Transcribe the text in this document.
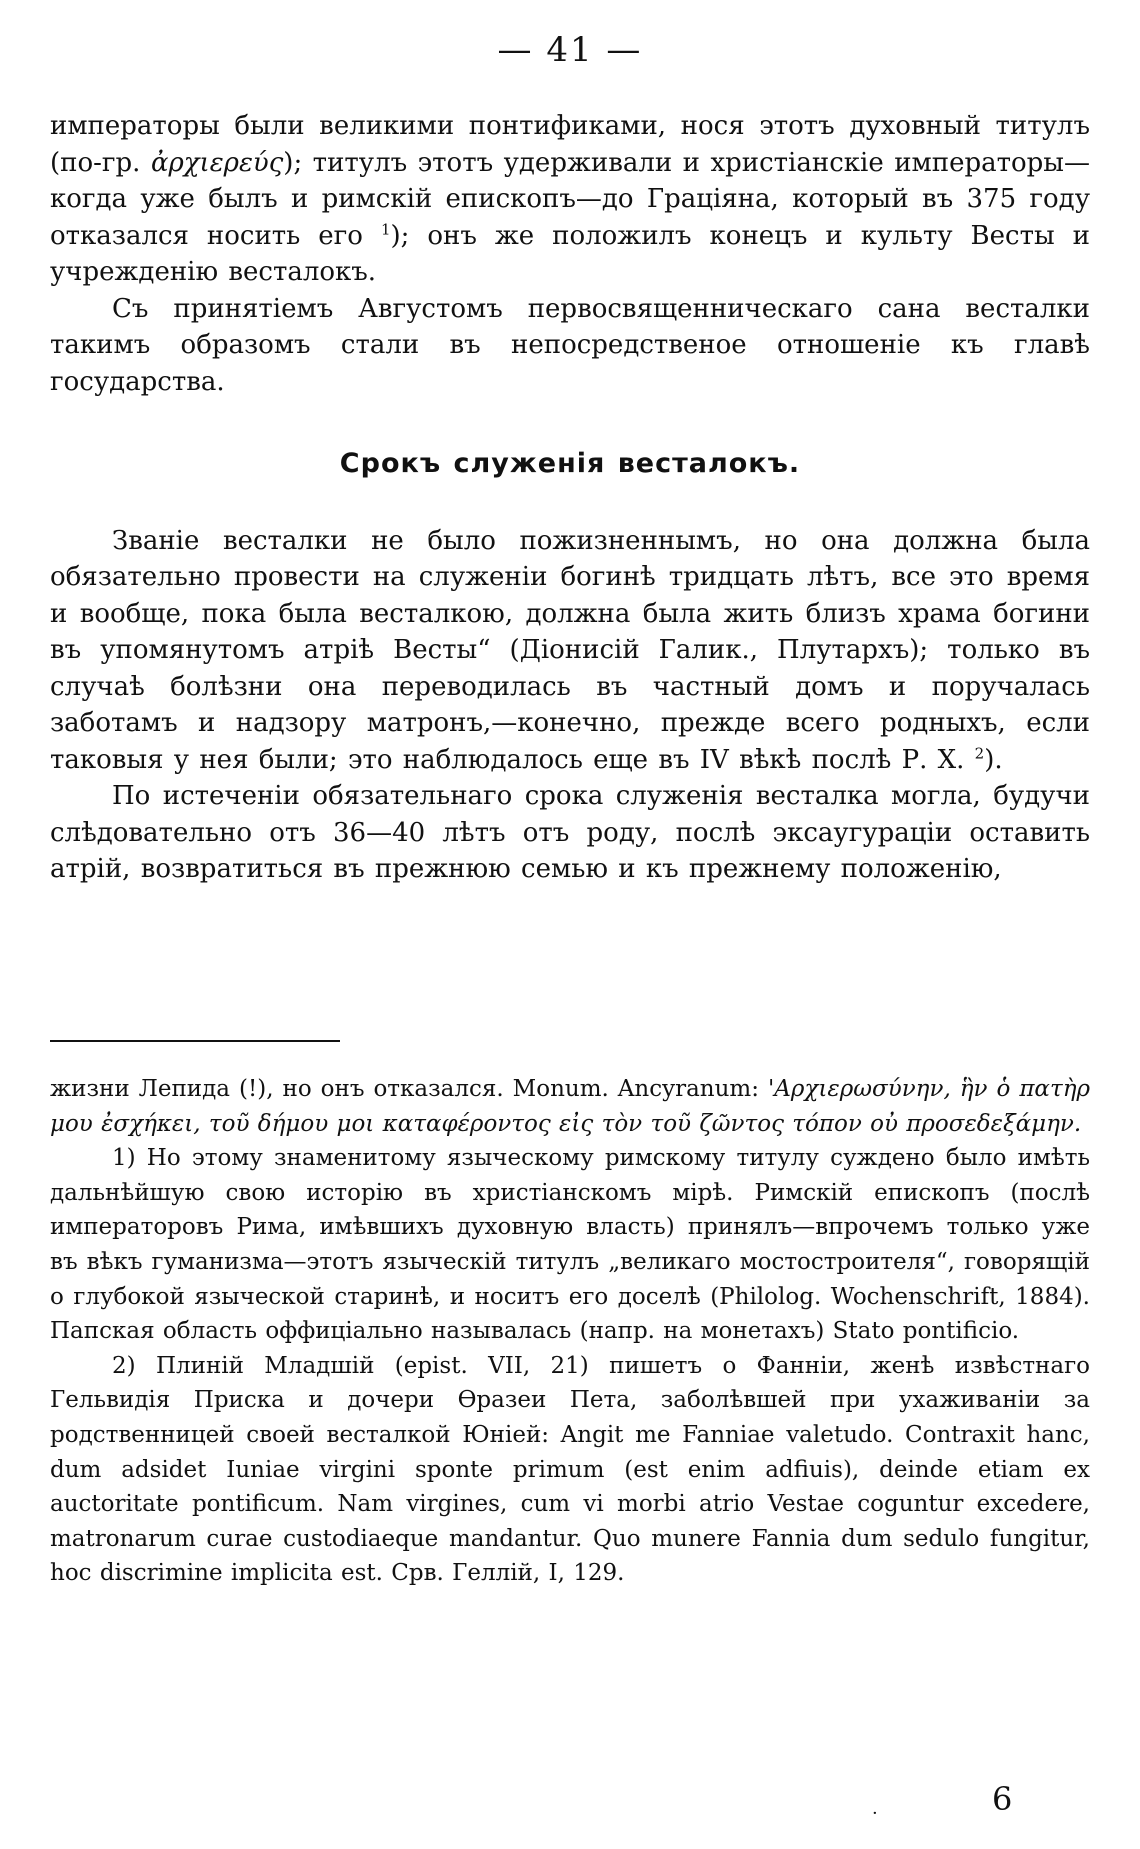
— 41 —

императоры были великими понтификами, нося этотъ духовный титулъ (по-гр. ἀρχιερεύς); титулъ этотъ удерживали и христіанскіе императоры—когда уже былъ и римскій епископъ—до Граціяна, который въ 375 году отказался носить его $^1$); онъ же положилъ конецъ и культу Весты и учрежденію весталокъ.

Съ принятіемъ Августомъ первосвященническаго сана весталки такимъ образомъ стали въ непосредственое отношеніе къ главѣ государства.

Срокъ служенія весталокъ.

Званіе весталки не было пожизненнымъ, но она должна была обязательно провести на служеніи богинѣ тридцать лѣтъ, все это время и вообще, пока была весталкою, должна была жить близъ храма богини въ упомянутомъ атріѣ Весты“ (Діонисій Галик., Плутархъ); только въ случаѣ болѣзни она переводилась въ частный домъ и поручалась заботамъ и надзору матронъ,—конечно, прежде всего родныхъ, если таковыя у нея были; это наблюдалось еще въ IV вѣкѣ послѣ Р. Х. $^2$).

По истеченіи обязательнаго срока служенія весталка могла, будучи слѣдовательно отъ 36—40 лѣтъ отъ роду, послѣ эксаугураціи оставить атрій, возвратиться въ прежнюю семью и къ прежнему положенію,

жизни Лепида (!), но онъ отказался. Monum. Ancyranum: 'Αρχιερωσύνην, ἣν ὁ πατὴρ μου ἐσχήκει, τοῦ δήμου μοι καταφέροντος εἰς τὸν τοῦ ζῶντος τόπον οὐ προσεδεξάμην.

1) Но этому знаменитому языческому римскому титулу суждено было имѣть дальнѣйшую свою исторію въ христіанскомъ мірѣ. Римскій епископъ (послѣ императоровъ Рима, имѣвшихъ духовную власть) принялъ—впрочемъ только уже въ вѣкъ гуманизма—этотъ языческій титулъ „великаго мостостроителя“, говорящій о глубокой языческой старинѣ, и носитъ его доселѣ (Philolog. Wochenschrift, 1884). Папская область оффиціально называлась (напр. на монетахъ) Stato pontificio.

2) Плиній Младшій (epist. VII, 21) пишетъ о Фанніи, женѣ извѣстнаго Гельвидія Приска и дочери Өразеи Пета, заболѣвшей при ухаживаніи за родственницей своей весталкой Юніей: Angit me Fanniae valetudo. Contraxit hanc, dum adsidet Iuniae virgini sponte primum (est enim adfiuis), deinde etiam ex auctoritate pontificum. Nam virgines, cum vi morbi atrio Vestae coguntur excedere, matronarum curae custodiaeque mandantur. Quo munere Fannia dum sedulo fungitur, hoc discrimine implicita est. Срв. Геллій, I, 129.

·	6
